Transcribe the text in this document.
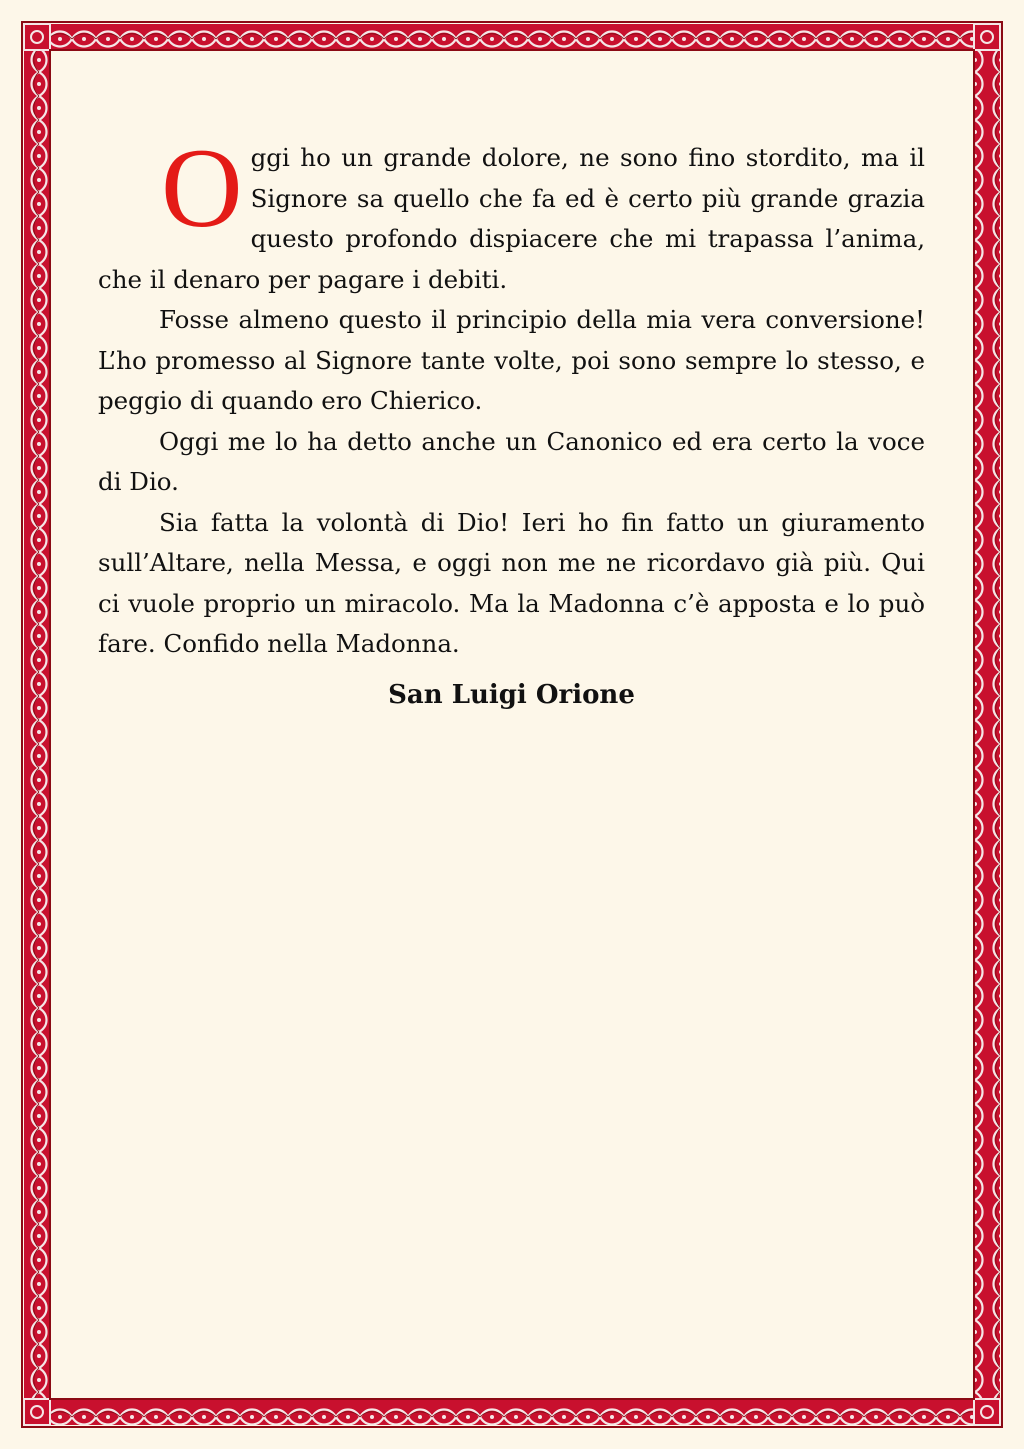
Oggi ho un grande dolore, ne sono fino stordito, ma il Signore sa quello che fa ed è certo più grande grazia questo profondo dispiacere che mi trapassa l’anima, che il denaro per pagare i debiti.

Fosse almeno questo il principio della mia vera conversione! L’ho promesso al Signore tante volte, poi sono sempre lo stesso, e peggio di quando ero Chierico.

Oggi me lo ha detto anche un Canonico ed era certo la voce di Dio.

Sia fatta la volontà di Dio! Ieri ho fin fatto un giuramento sull’Altare, nella Messa, e oggi non me ne ricordavo già più. Qui ci vuole proprio un miracolo. Ma la Madonna c’è apposta e lo può fare. Confido nella Madonna.

San Luigi Orione
